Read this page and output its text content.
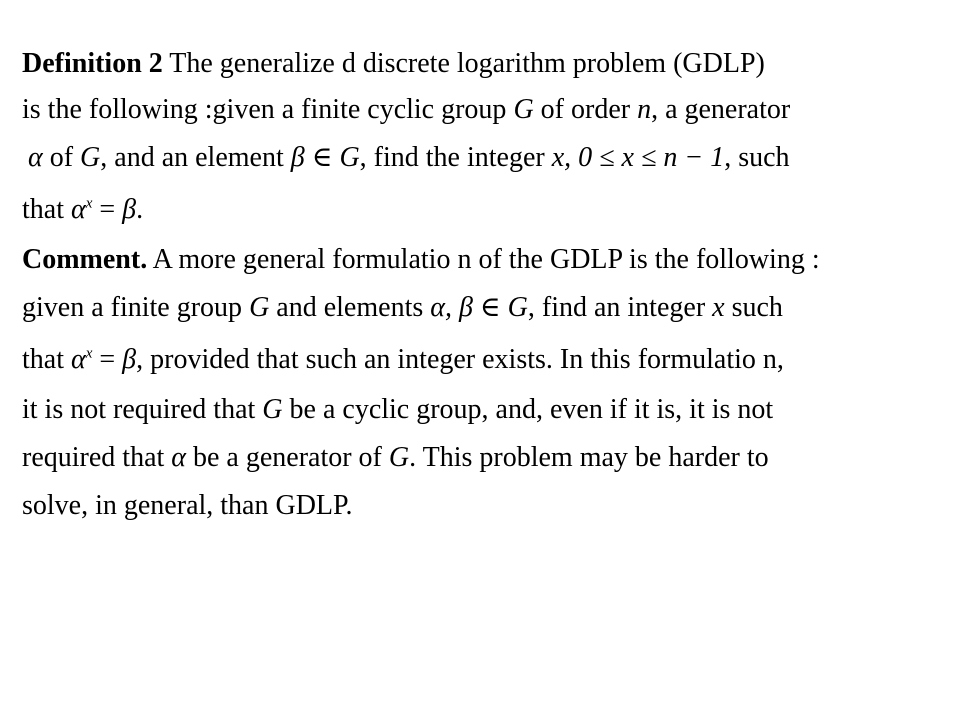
Definition 2 The generalize d discrete logarithm problem (GDLP)

is the following :given a finite cyclic group G of order n, a generator

α of G, and an element β ∈ G, find the integer x, 0 ≤ x ≤ n − 1, such

that $\alpha^x = \beta$.

Comment. A more general formulatio n of the GDLP is the following :

given a finite group G and elements α, β ∈ G, find an integer x such

that $\alpha^x = \beta$, provided that such an integer exists. In this formulatio n,

it is not required that G be a cyclic group, and, even if it is, it is not

required that α be a generator of G. This problem may be harder to

solve, in general, than GDLP.
